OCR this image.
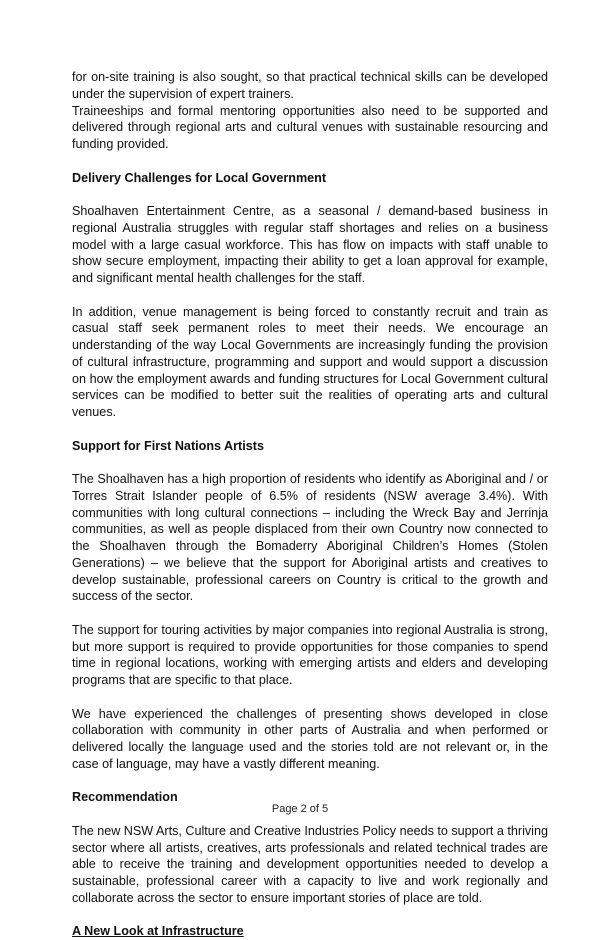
for on-site training is also sought, so that practical technical skills can be developed under the supervision of expert trainers.

Traineeships and formal mentoring opportunities also need to be supported and delivered through regional arts and cultural venues with sustainable resourcing and funding provided.

Delivery Challenges for Local Government

Shoalhaven Entertainment Centre, as a seasonal / demand-based business in regional Australia struggles with regular staff shortages and relies on a business model with a large casual workforce. This has flow on impacts with staff unable to show secure employment, impacting their ability to get a loan approval for example, and significant mental health challenges for the staff.

In addition, venue management is being forced to constantly recruit and train as casual staff seek permanent roles to meet their needs. We encourage an understanding of the way Local Governments are increasingly funding the provision of cultural infrastructure, programming and support and would support a discussion on how the employment awards and funding structures for Local Government cultural services can be modified to better suit the realities of operating arts and cultural venues.

Support for First Nations Artists

The Shoalhaven has a high proportion of residents who identify as Aboriginal and / or Torres Strait Islander people of 6.5% of residents (NSW average 3.4%). With communities with long cultural connections – including the Wreck Bay and Jerrinja communities, as well as people displaced from their own Country now connected to the Shoalhaven through the Bomaderry Aboriginal Children’s Homes (Stolen Generations) – we believe that the support for Aboriginal artists and creatives to develop sustainable, professional careers on Country is critical to the growth and success of the sector.

The support for touring activities by major companies into regional Australia is strong, but more support is required to provide opportunities for those companies to spend time in regional locations, working with emerging artists and elders and developing programs that are specific to that place.

We have experienced the challenges of presenting shows developed in close collaboration with community in other parts of Australia and when performed or delivered locally the language used and the stories told are not relevant or, in the case of language, may have a vastly different meaning.

Recommendation

The new NSW Arts, Culture and Creative Industries Policy needs to support a thriving sector where all artists, creatives, arts professionals and related technical trades are able to receive the training and development opportunities needed to develop a sustainable, professional career with a capacity to live and work regionally and collaborate across the sector to ensure important stories of place are told.

A New Look at Infrastructure
Page 2 of 5
